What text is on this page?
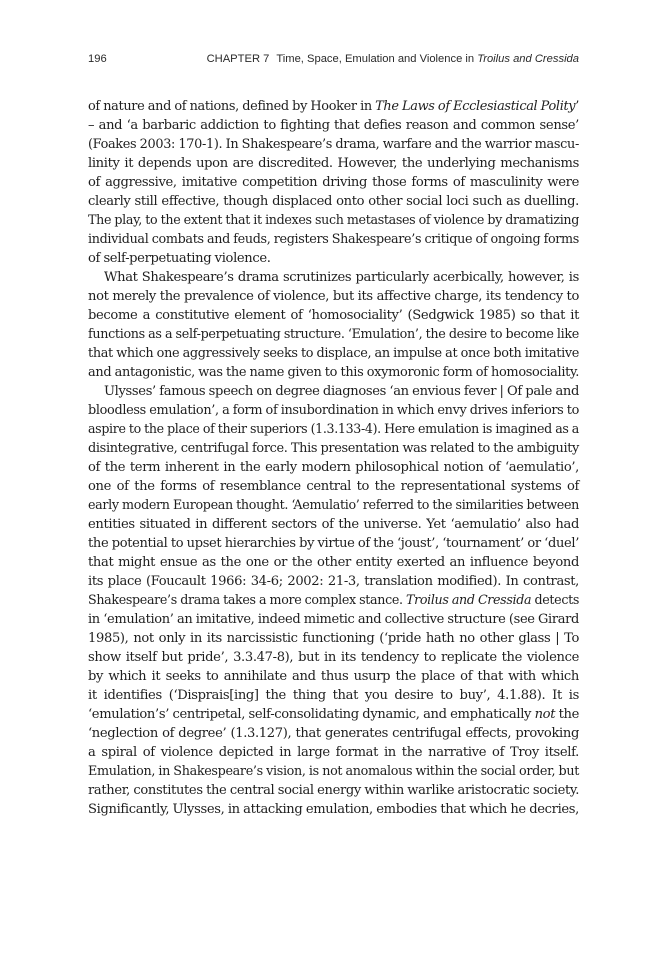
196	CHAPTER 7 Time, Space, Emulation and Violence in Troilus and Cressida
of nature and of nations, defined by Hooker in The Laws of Ecclesiastical Polity’
– and ‘a barbaric addiction to fighting that defies reason and common sense’
(Foakes 2003: 170-1). In Shakespeare’s drama, warfare and the warrior mascu-
linity it depends upon are discredited. However, the underlying mechanisms
of aggressive, imitative competition driving those forms of masculinity were
clearly still effective, though displaced onto other social loci such as duelling.
The play, to the extent that it indexes such metastases of violence by dramatizing
individual combats and feuds, registers Shakespeare’s critique of ongoing forms
of self-perpetuating violence.
What Shakespeare’s drama scrutinizes particularly acerbically, however, is
not merely the prevalence of violence, but its affective charge, its tendency to
become a constitutive element of ‘homosociality’ (Sedgwick 1985) so that it
functions as a self-perpetuating structure. ‘Emulation’, the desire to become like
that which one aggressively seeks to displace, an impulse at once both imitative
and antagonistic, was the name given to this oxymoronic form of homosociality.
Ulysses’ famous speech on degree diagnoses ‘an envious fever | Of pale and
bloodless emulation’, a form of insubordination in which envy drives inferiors to
aspire to the place of their superiors (1.3.133-4). Here emulation is imagined as a
disintegrative, centrifugal force. This presentation was related to the ambiguity
of the term inherent in the early modern philosophical notion of ‘aemulatio’,
one of the forms of resemblance central to the representational systems of
early modern European thought. ‘Aemulatio’ referred to the similarities between
entities situated in different sectors of the universe. Yet ‘aemulatio’ also had
the potential to upset hierarchies by virtue of the ‘joust’, ‘tournament’ or ‘duel’
that might ensue as the one or the other entity exerted an influence beyond
its place (Foucault 1966: 34-6; 2002: 21-3, translation modified). In contrast,
Shakespeare’s drama takes a more complex stance. Troilus and Cressida detects
in ‘emulation’ an imitative, indeed mimetic and collective structure (see Girard
1985), not only in its narcissistic functioning (‘pride hath no other glass | To
show itself but pride’, 3.3.47-8), but in its tendency to replicate the violence
by which it seeks to annihilate and thus usurp the place of that with which
it identifies (‘Disprais[ing] the thing that you desire to buy’, 4.1.88). It is
‘emulation’s’ centripetal, self-consolidating dynamic, and emphatically not the
‘neglection of degree’ (1.3.127), that generates centrifugal effects, provoking
a spiral of violence depicted in large format in the narrative of Troy itself.
Emulation, in Shakespeare’s vision, is not anomalous within the social order, but
rather, constitutes the central social energy within warlike aristocratic society.
Significantly, Ulysses, in attacking emulation, embodies that which he decries,
